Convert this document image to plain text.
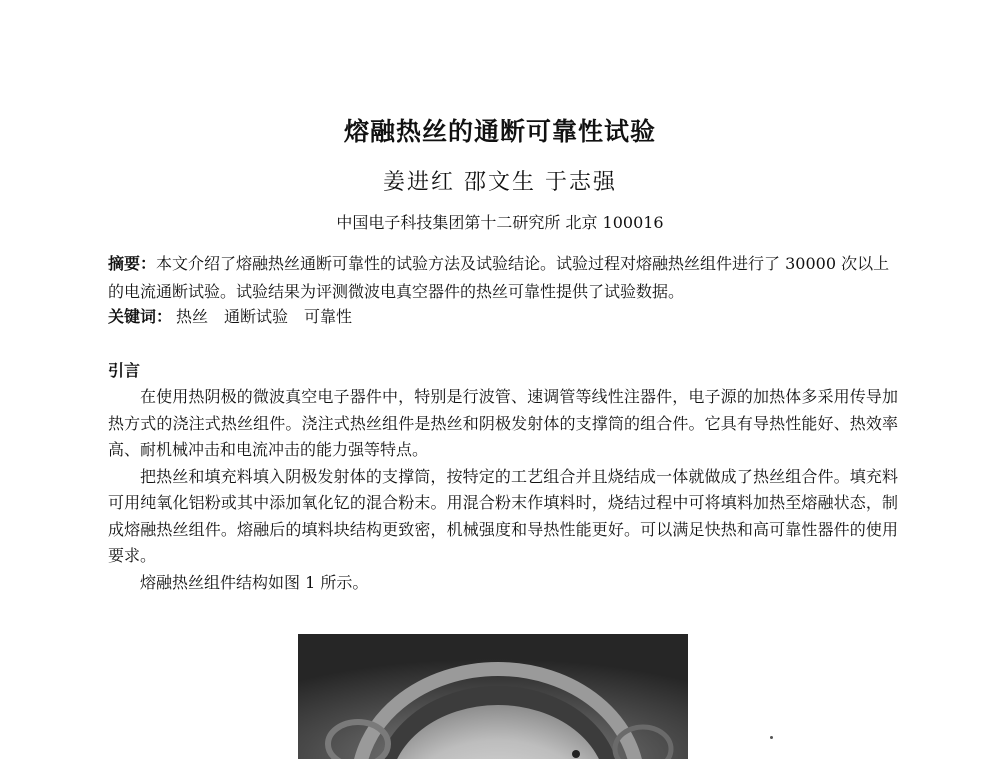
熔融热丝的通断可靠性试验
姜进红 邵文生 于志强
中国电子科技集团第十二研究所 北京 100016
摘要：本文介绍了熔融热丝通断可靠性的试验方法及试验结论。试验过程对熔融热丝组件进行了 30000 次以上的电流通断试验。试验结果为评测微波电真空器件的热丝可靠性提供了试验数据。
关键词： 热丝 通断试验 可靠性
引言

在使用热阴极的微波真空电子器件中，特别是行波管、速调管等线性注器件，电子源的加热体多采用传导加热方式的浇注式热丝组件。浇注式热丝组件是热丝和阴极发射体的支撑筒的组合件。它具有导热性能好、热效率高、耐机械冲击和电流冲击的能力强等特点。

把热丝和填充料填入阴极发射体的支撑筒，按特定的工艺组合并且烧结成一体就做成了热丝组合件。填充料可用纯氧化铝粉或其中添加氧化钇的混合粉末。用混合粉末作填料时，烧结过程中可将填料加热至熔融状态，制成熔融热丝组件。熔融后的填料块结构更致密，机械强度和导热性能更好。可以满足快热和高可靠性器件的使用要求。

熔融热丝组件结构如图 1 所示。
